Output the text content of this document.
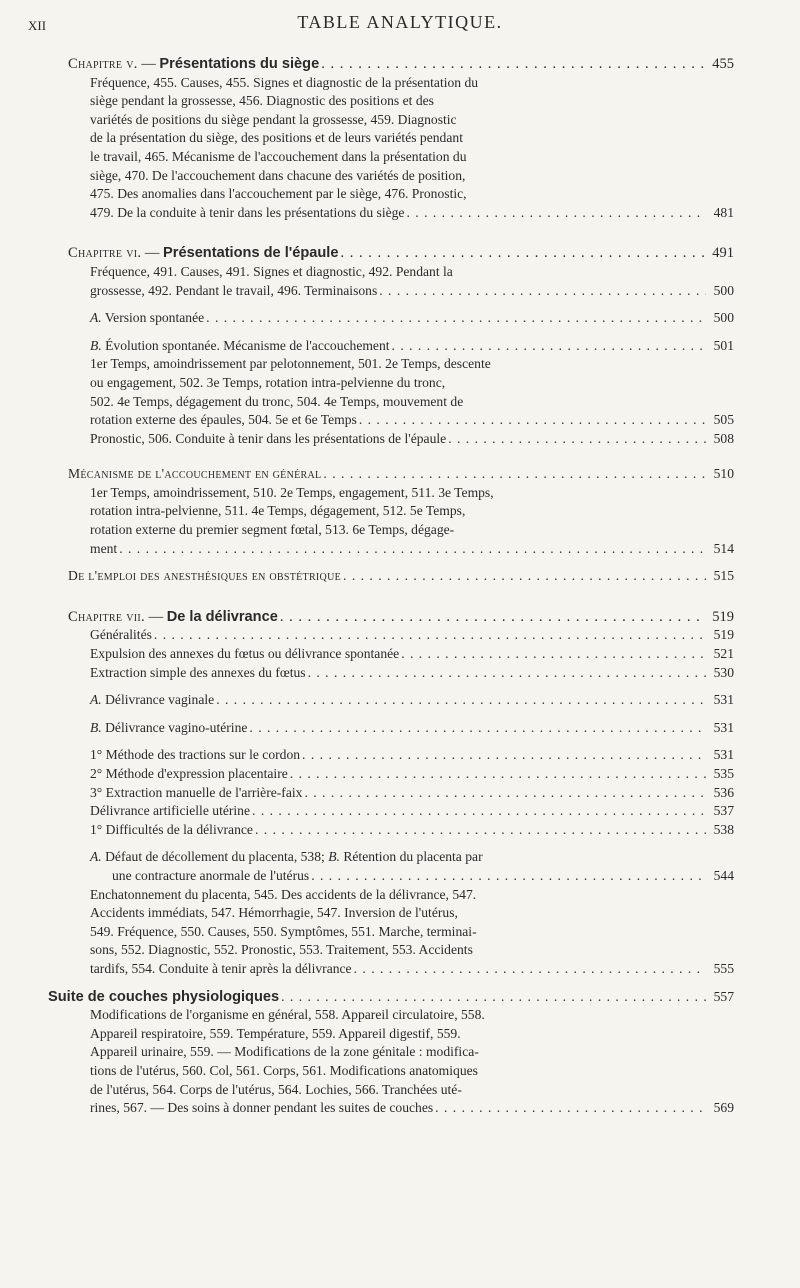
XII	TABLE ANALYTIQUE.
Chapitre v. — Présentations du siège . . .	455
Fréquence, 455. Causes, 455. Signes et diagnostic de la présentation du
siège pendant la grossesse, 456. Diagnostic des positions et des
variétés de positions du siège pendant la grossesse, 459. Diagnostic
de la présentation du siège, des positions et de leurs variétés pendant
le travail, 465. Mécanisme de l'accouchement dans la présentation du
siège, 470. De l'accouchement dans chacune des variétés de position,
475. Des anomalies dans l'accouchement par le siège, 476. Pronostic,
479. De la conduite à tenir dans les présentations du siège . . .	481
Chapitre vi. — Présentations de l'épaule . . .	491
Fréquence, 491. Causes, 491. Signes et diagnostic, 492. Pendant la
grossesse, 492. Pendant le travail, 496. Terminaisons . . .	500
A. Version spontanée . . .	500
B. Évolution spontanée. Mécanisme de l'accouchement . . .	501
1er Temps, amoindrissement par pelotonnement, 501. 2e Temps, descente
ou engagement, 502. 3e Temps, rotation intra-pelvienne du tronc,
502. 4e Temps, dégagement du tronc, 504. 4e Temps, mouvement de
rotation externe des épaules, 504. 5e et 6e Temps . . .	505
Pronostic, 506. Conduite à tenir dans les présentations de l'épaule . . .	508
Mécanisme de l'accouchement en général . . .	510
1er Temps, amoindrissement, 510. 2e Temps, engagement, 511. 3e Temps,
rotation intra-pelvienne, 511. 4e Temps, dégagement, 512. 5e Temps,
rotation externe du premier segment fœtal, 513. 6e Temps, dégage-
ment . . .	514
De l'emploi des anesthésiques en obstétrique . . .	515
Chapitre vii. — De la délivrance . . .	519
Généralités . . .	519
Expulsion des annexes du fœtus ou délivrance spontanée . . .	521
Extraction simple des annexes du fœtus . . .	530
A. Délivrance vaginale . . .	531
B. Délivrance vagino-utérine . . .	531
1° Méthode des tractions sur le cordon . . .	531
2° Méthode d'expression placentaire . . .	535
3° Extraction manuelle de l'arrière-faix . . .	536
Délivrance artificielle utérine . . .	537
1° Difficultés de la délivrance . . .	538
A. Défaut de décollement du placenta, 538; B. Rétention du placenta par
une contracture anormale de l'utérus . . .	544
Enchatonnement du placenta, 545. Des accidents de la délivrance, 547.
Accidents immédiats, 547. Hémorrhagie, 547. Inversion de l'utérus,
549. Fréquence, 550. Causes, 550. Symptômes, 551. Marche, terminai-
sons, 552. Diagnostic, 552. Pronostic, 553. Traitement, 553. Accidents
tardifs, 554. Conduite à tenir après la délivrance . . .	555
Suite de couches physiologiques . . .	557
Modifications de l'organisme en général, 558. Appareil circulatoire, 558.
Appareil respiratoire, 559. Température, 559. Appareil digestif, 559.
Appareil urinaire, 559. — Modifications de la zone génitale : modifica-
tions de l'utérus, 560. Col, 561. Corps, 561. Modifications anatomiques
de l'utérus, 564. Corps de l'utérus, 564. Lochies, 566. Tranchées uté-
rines, 567. — Des soins à donner pendant les suites de couches . . .	569
